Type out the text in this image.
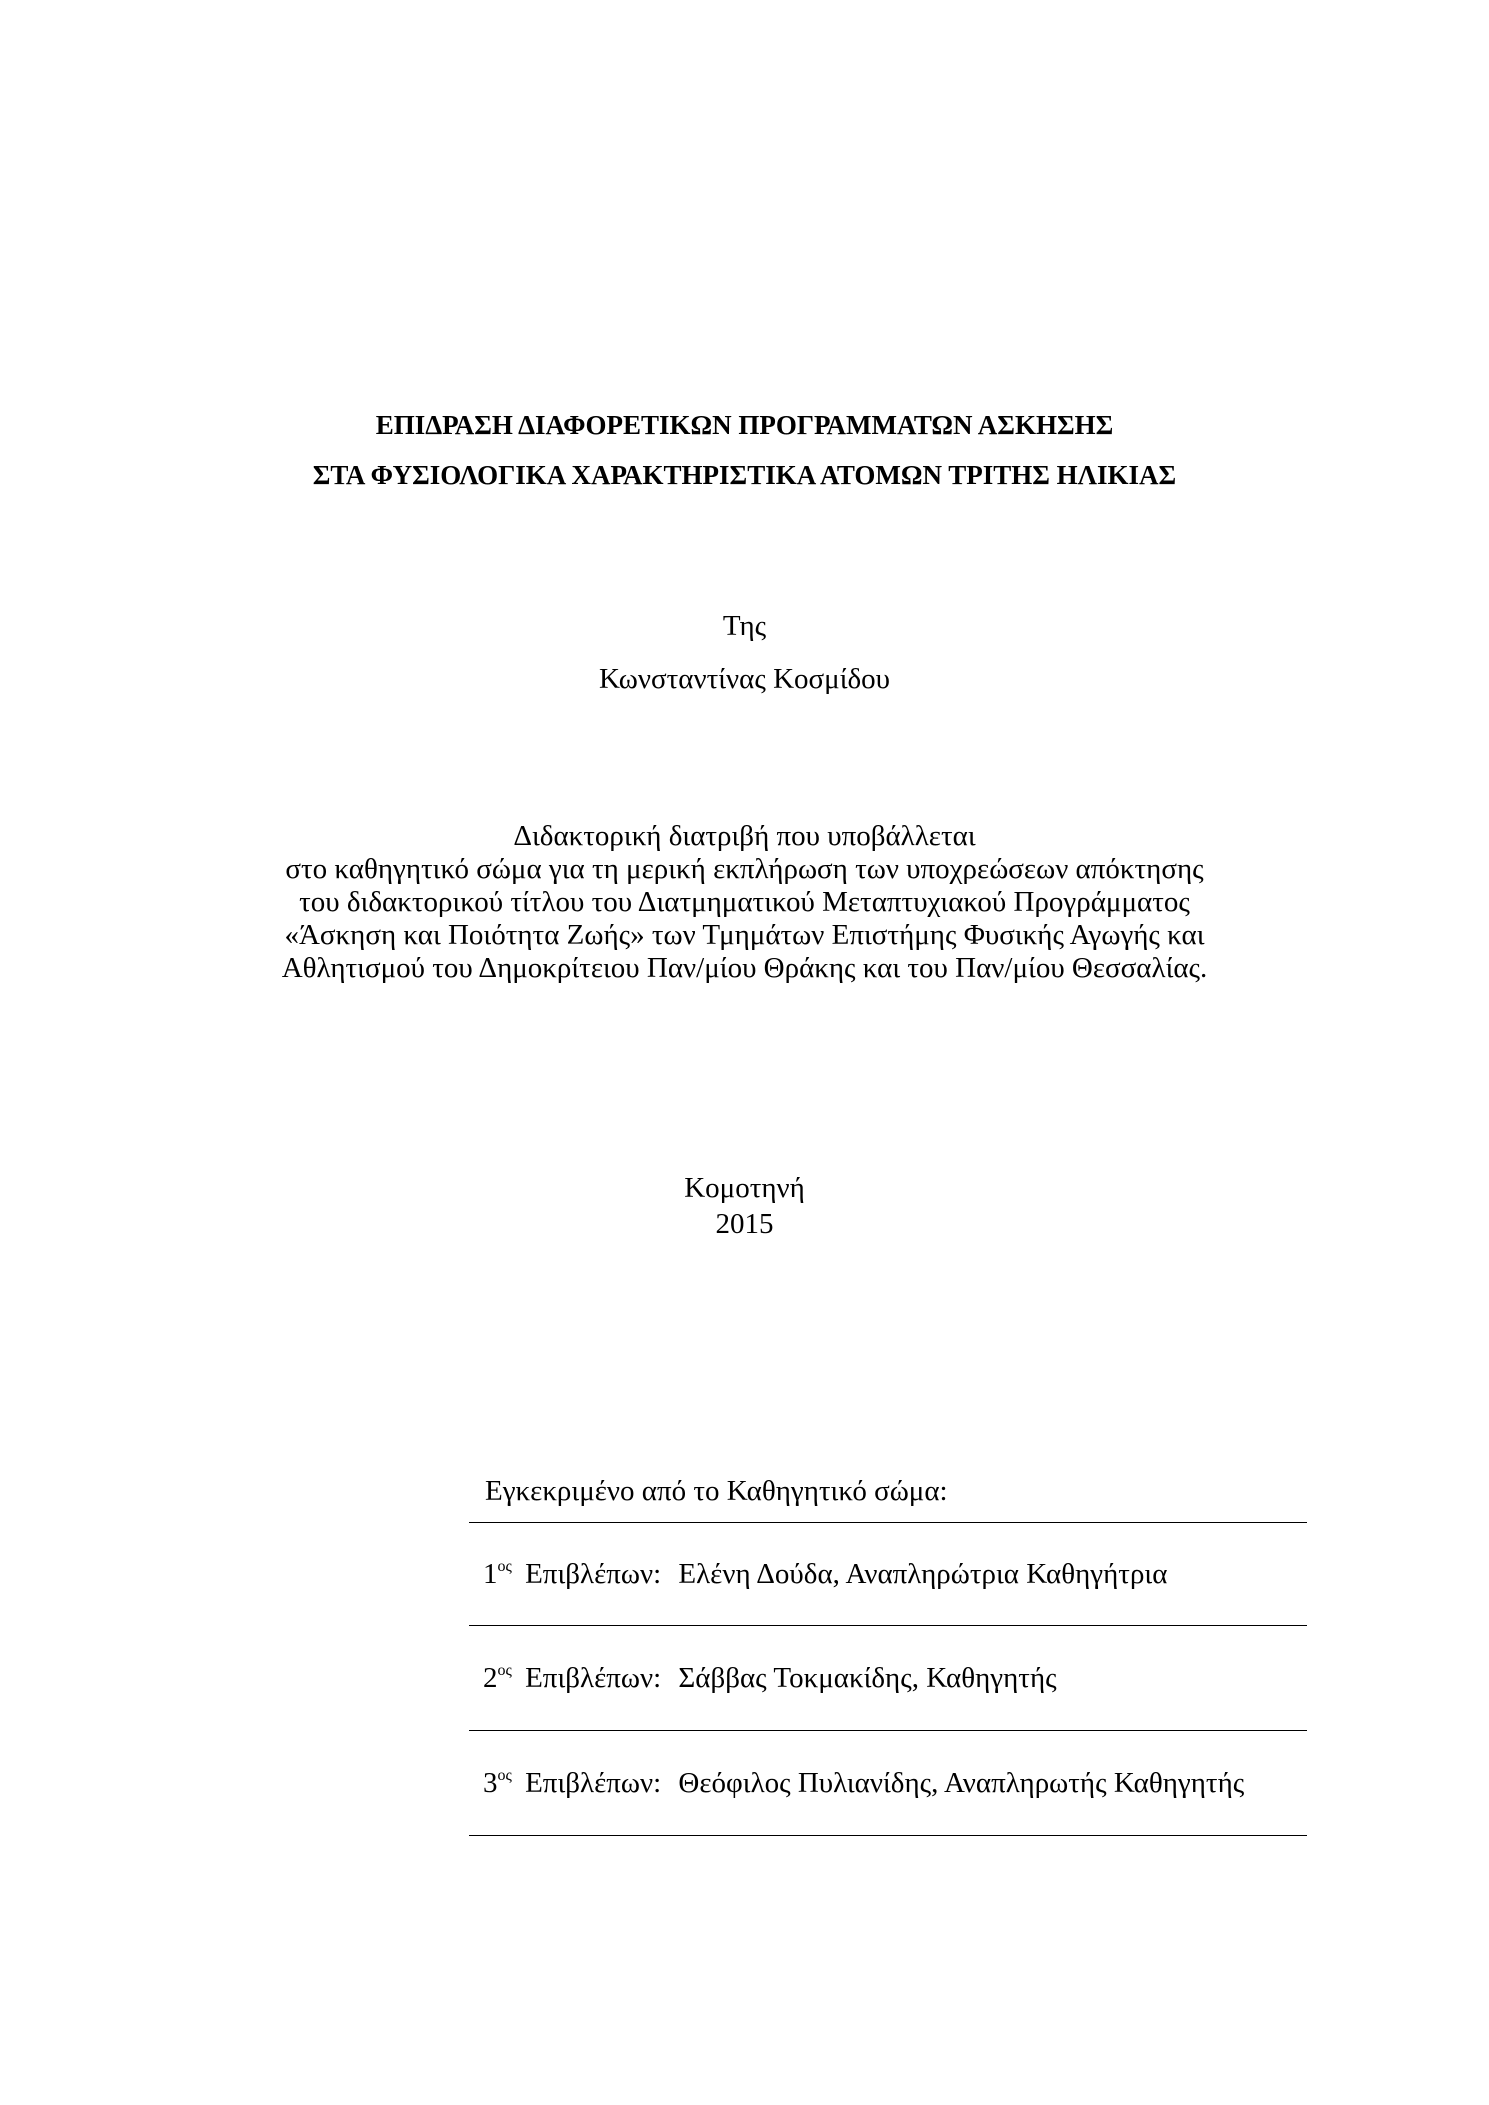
ΕΠΙΔΡΑΣΗ ΔΙΑΦΟΡΕΤΙΚΩΝ ΠΡΟΓΡΑΜΜΑΤΩΝ ΑΣΚΗΣΗΣ
ΣΤΑ ΦΥΣΙΟΛΟΓΙΚΑ ΧΑΡΑΚΤΗΡΙΣΤΙΚΑ ΑΤΟΜΩΝ ΤΡΙΤΗΣ ΗΛΙΚΙΑΣ
Της
Κωνσταντίνας Κοσμίδου
Διδακτορική διατριβή που υποβάλλεται
στο καθηγητικό σώμα για τη μερική εκπλήρωση των υποχρεώσεων απόκτησης
του διδακτορικού τίτλου του Διατμηματικού Μεταπτυχιακού Προγράμματος
«Άσκηση και Ποιότητα Ζωής» των Τμημάτων Επιστήμης Φυσικής Αγωγής και
Αθλητισμού του Δημοκρίτειου Παν/μίου Θράκης και του Παν/μίου Θεσσαλίας.
Κομοτηνή
2015
Εγκεκριμένο από το Καθηγητικό σώμα:
$1^{o\varsigma}$ Επιβλέπων: Ελένη Δούδα, Αναπληρώτρια Καθηγήτρια
$2^{o\varsigma}$ Επιβλέπων: Σάββας Τοκμακίδης, Καθηγητής
$3^{o\varsigma}$ Επιβλέπων: Θεόφιλος Πυλιανίδης, Αναπληρωτής Καθηγητής
